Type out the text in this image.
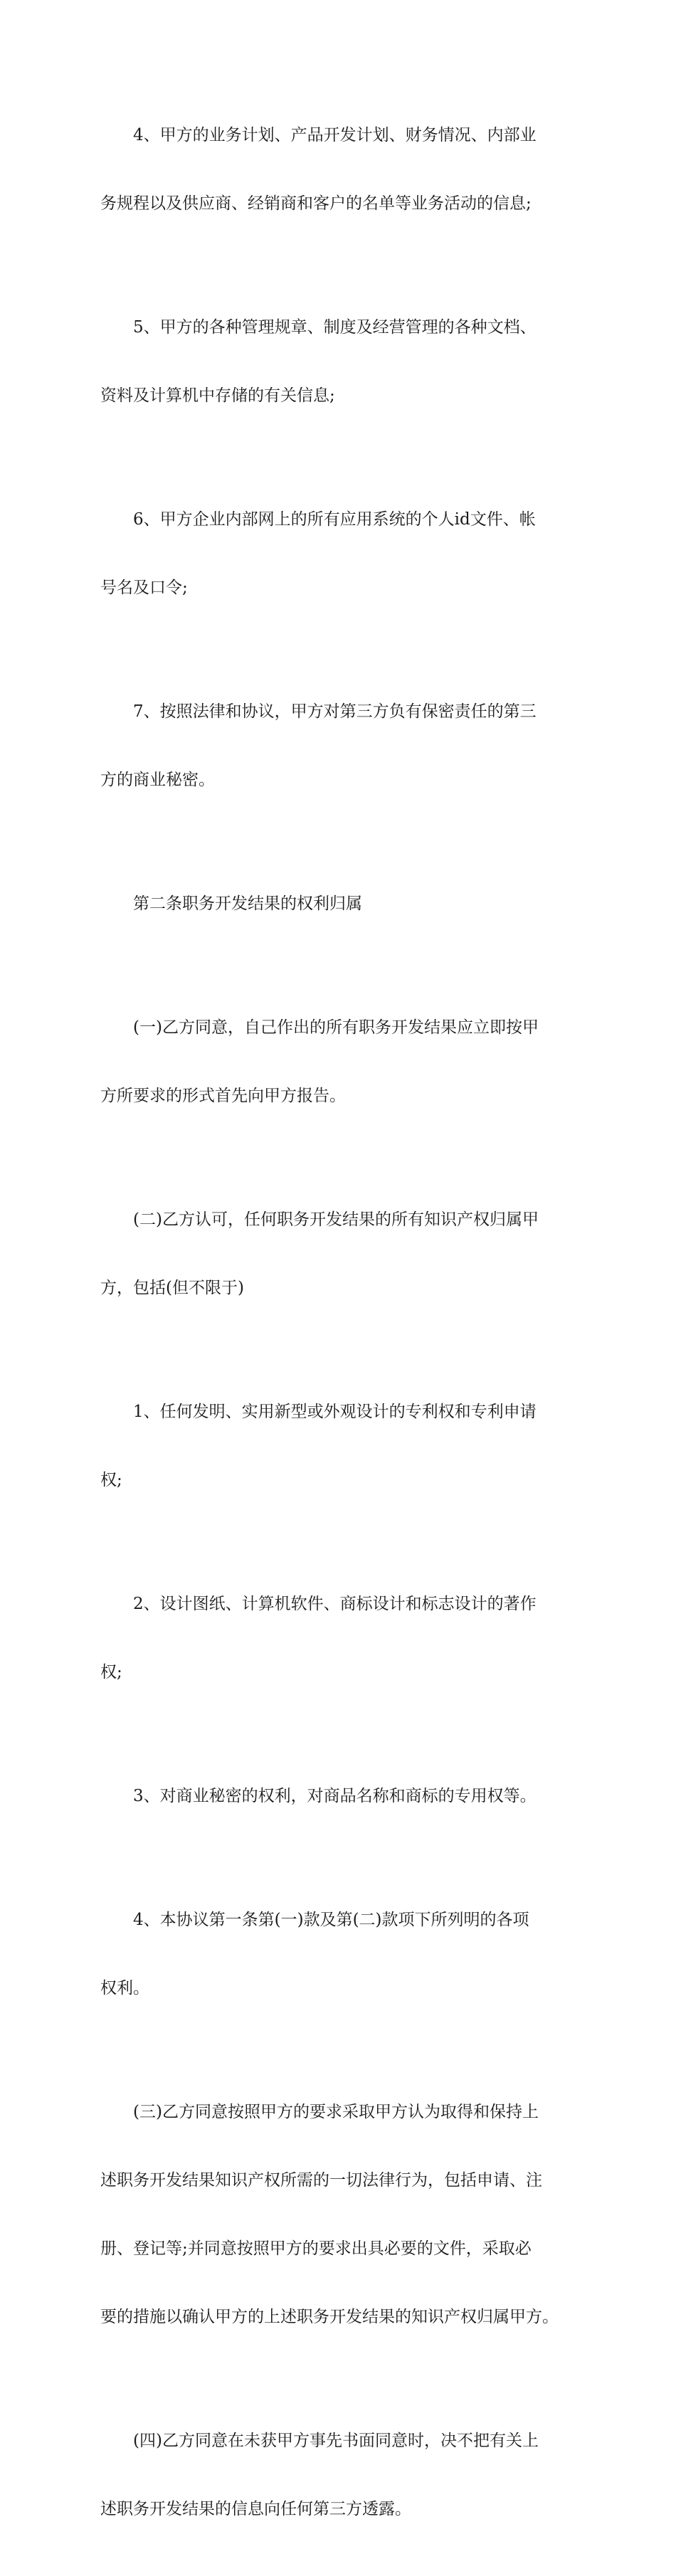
4、甲方的业务计划、产品开发计划、财务情况、内部业

务规程以及供应商、经销商和客户的名单等业务活动的信息;

5、甲方的各种管理规章、制度及经营管理的各种文档、

资料及计算机中存储的有关信息;

6、甲方企业内部网上的所有应用系统的个人id文件、帐

号名及口令;

7、按照法律和协议，甲方对第三方负有保密责任的第三

方的商业秘密。

第二条职务开发结果的权利归属

(一)乙方同意，自己作出的所有职务开发结果应立即按甲

方所要求的形式首先向甲方报告。

(二)乙方认可，任何职务开发结果的所有知识产权归属甲

方，包括(但不限于)

1、任何发明、实用新型或外观设计的专利权和专利申请

权;

2、设计图纸、计算机软件、商标设计和标志设计的著作

权;

3、对商业秘密的权利，对商品名称和商标的专用权等。

4、本协议第一条第(一)款及第(二)款项下所列明的各项

权利。

(三)乙方同意按照甲方的要求采取甲方认为取得和保持上

述职务开发结果知识产权所需的一切法律行为，包括申请、注

册、登记等;并同意按照甲方的要求出具必要的文件，采取必

要的措施以确认甲方的上述职务开发结果的知识产权归属甲方。

(四)乙方同意在未获甲方事先书面同意时，决不把有关上

述职务开发结果的信息向任何第三方透露。
